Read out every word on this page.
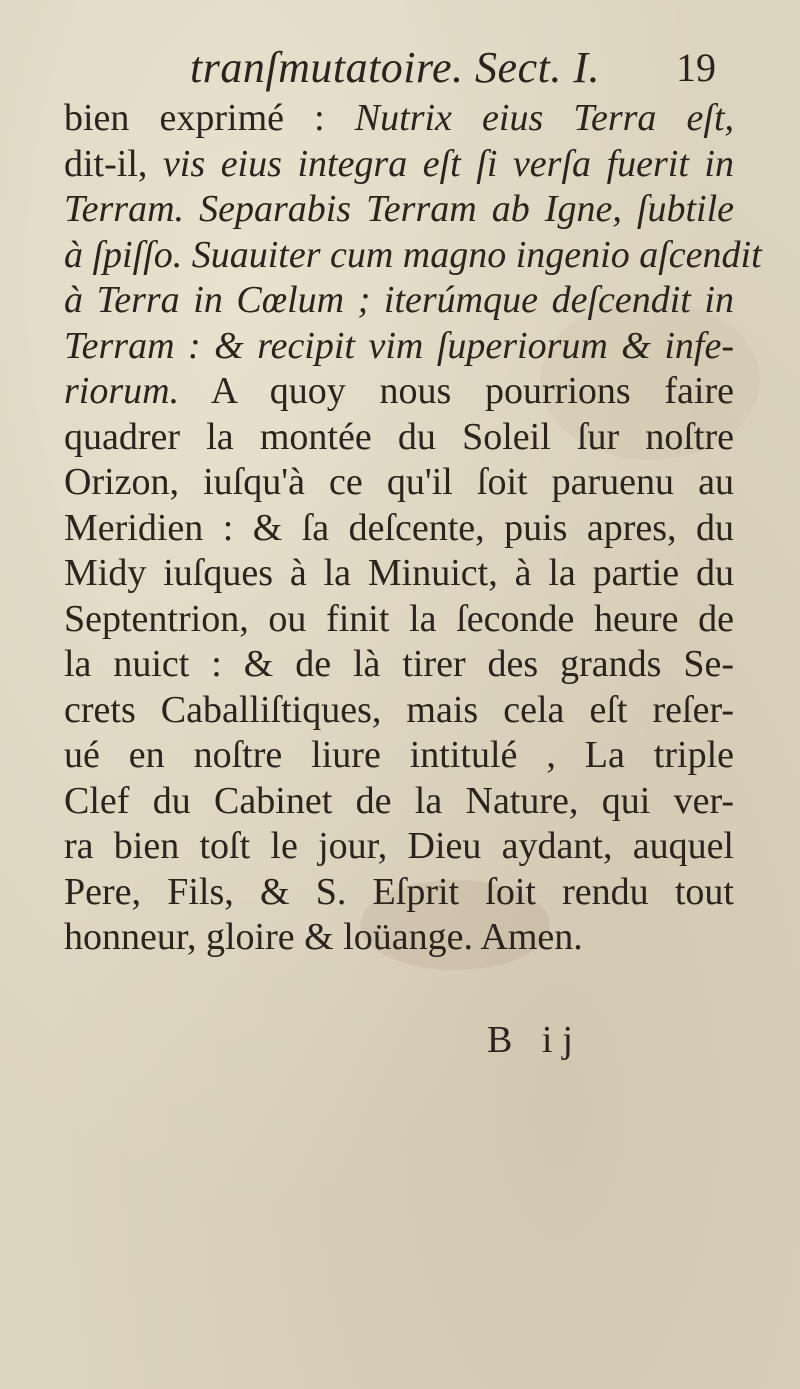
tranſmutatoire. Sect. I. 19
bien exprimé : Nutrix eius Terra eſt,
dit-il, vis eius integra eſt ſi verſa fuerit in
Terram. Separabis Terram ab Igne, ſubtile
à ſpiſſo. Suauiter cum magno ingenio aſcendit
à Terra in Cœlum ; iterúmque deſcendit in
Terram : & recipit vim ſuperiorum & infe-
riorum. A quoy nous pourrions faire
quadrer la montée du Soleil ſur noſtre
Orizon, iuſqu'à ce qu'il ſoit paruenu au
Meridien : & ſa deſcente, puis apres, du
Midy iuſques à la Minuict, à la partie du
Septentrion, ou finit la ſeconde heure de
la nuict : & de là tirer des grands Se-
crets Caballiſtiques, mais cela eſt reſer-
ué en noſtre liure intitulé , La triple
Clef du Cabinet de la Nature, qui ver-
ra bien toſt le jour, Dieu aydant, auquel
Pere, Fils, & S. Eſprit ſoit rendu tout
honneur, gloire & loüange. Amen.
B ij
